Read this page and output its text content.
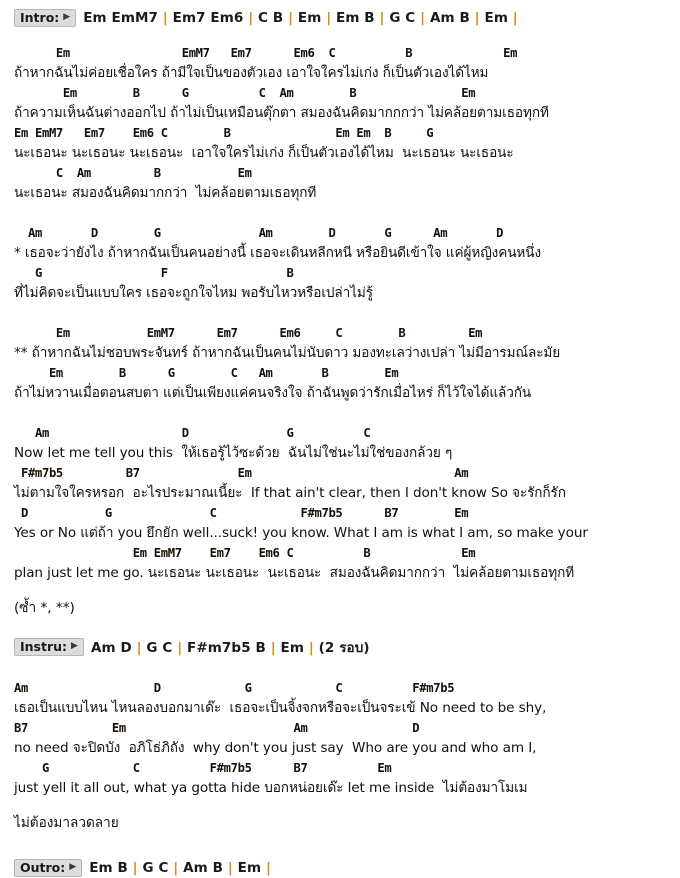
Intro: ▶ Em EmM7 | Em7 Em6 | C B | Em | Em B | G C | Am B | Em |
Em                EmM7   Em7      Em6  C          B             Em
ถ้าหากฉันไม่ค่อยเชื่อใคร ถ้ามีใจเป็นของตัวเอง เอาใจใครไม่เก่ง ก็เป็นตัวเองได้ไหม
Em        B      G          C  Am        B               Em
ถ้าความเห็นฉันต่างออกไป ถ้าไม่เป็นเหมือนตุ๊กตา สมองฉันคิดมากกกว่า ไม่คล้อยตามเธอทุกที
Em EmM7   Em7    Em6 C        B               Em Em  B     G
นะเธอนะ นะเธอนะ นะเธอนะ  เอาใจใครไม่เก่ง ก็เป็นตัวเองได้ไหม  นะเธอนะ นะเธอนะ
C  Am         B           Em
นะเธอนะ สมองฉันคิดมากกว่า  ไม่คล้อยตามเธอทุกที
Am       D        G              Am        D       G      Am       D
* เธอจะว่ายังไง ถ้าหากฉันเป็นคนอย่างนี้ เธอจะเดินหลีกหนี หรือยินดีเข้าใจ แค่ผู้หญิงคนหนึ่ง
G                 F                 B
ที่ไม่คิดจะเป็นแบบใคร เธอจะถูกใจไหม พอรับไหวหรือเปล่าไม่รู้
Em           EmM7      Em7      Em6     C        B         Em
** ถ้าหากฉันไม่ชอบพระจันทร์ ถ้าหากฉันเป็นคนไม่นับดาว มองทะเลว่างเปล่า ไม่มีอารมณ์ละมัย
Em        B      G        C   Am       B        Em
ถ้าไม่หวานเมื่อตอนสบตา แต่เป็นเพียงแค่คนจริงใจ ถ้าฉันพูดว่ารักเมื่อไหร่ ก็ไว้ใจได้แล้วกัน
Am                   D              G          C
Now let me tell you this  ให้เธอรู้ไว้ซะด้วย  ฉันไม่ใช่นะไม่ใช่ของกล้วย ๆ
F#m7b5         B7              Em                             Am
ไม่ตามใจใครหรอก  อะไรประมาณเนี้ยะ  If that ain't clear, then I don't know So จะรักก็รัก
D           G              C            F#m7b5      B7        Em
Yes or No แต่ถ้า you ยึกยัก well...suck! you know. What I am is what I am, so make your
Em EmM7    Em7    Em6 C          B             Em
plan just let me go. นะเธอนะ นะเธอนะ  นะเธอนะ  สมองฉันคิดมากกว่า  ไม่คล้อยตามเธอทุกที
(ซ้ำ *, **)
Instru: ▶ Am D | G C | F#m7b5 B | Em | (2 รอบ)
Am                  D            G            C          F#m7b5
เธอเป็นแบบไหน ไหนลองบอกมาเด๊ะ  เธอจะเป็นจิ้งจกหรือจะเป็นจระเข้ No need to be shy,
B7            Em                        Am               D
no need จะปิดบัง  อภิโธ่ภิถัง  why don't you just say  Who are you and who am I,
G            C          F#m7b5      B7          Em
just yell it all out, what ya gotta hide บอกหน่อยเด๊ะ let me inside  ไม่ต้องมาโมเม
ไม่ต้องมาลวดลาย
Outro: ▶ Em B | G C | Am B | Em |
